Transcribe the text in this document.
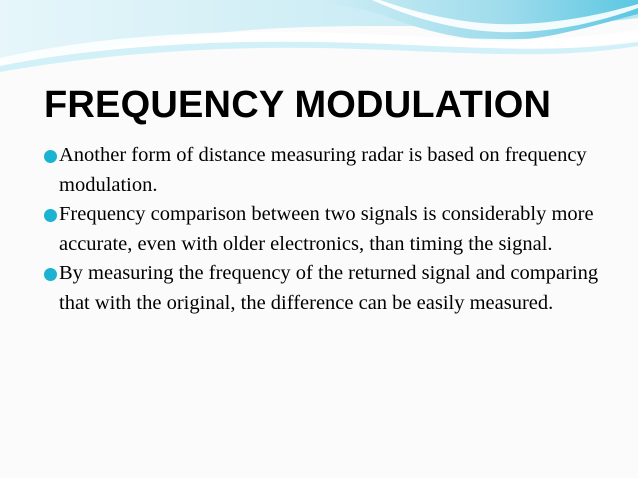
FREQUENCY MODULATION
Another form of distance measuring radar is based on frequency modulation.
Frequency comparison between two signals is considerably more accurate, even with older electronics, than timing the signal.
By measuring the frequency of the returned signal and comparing that with the original, the difference can be easily measured.
